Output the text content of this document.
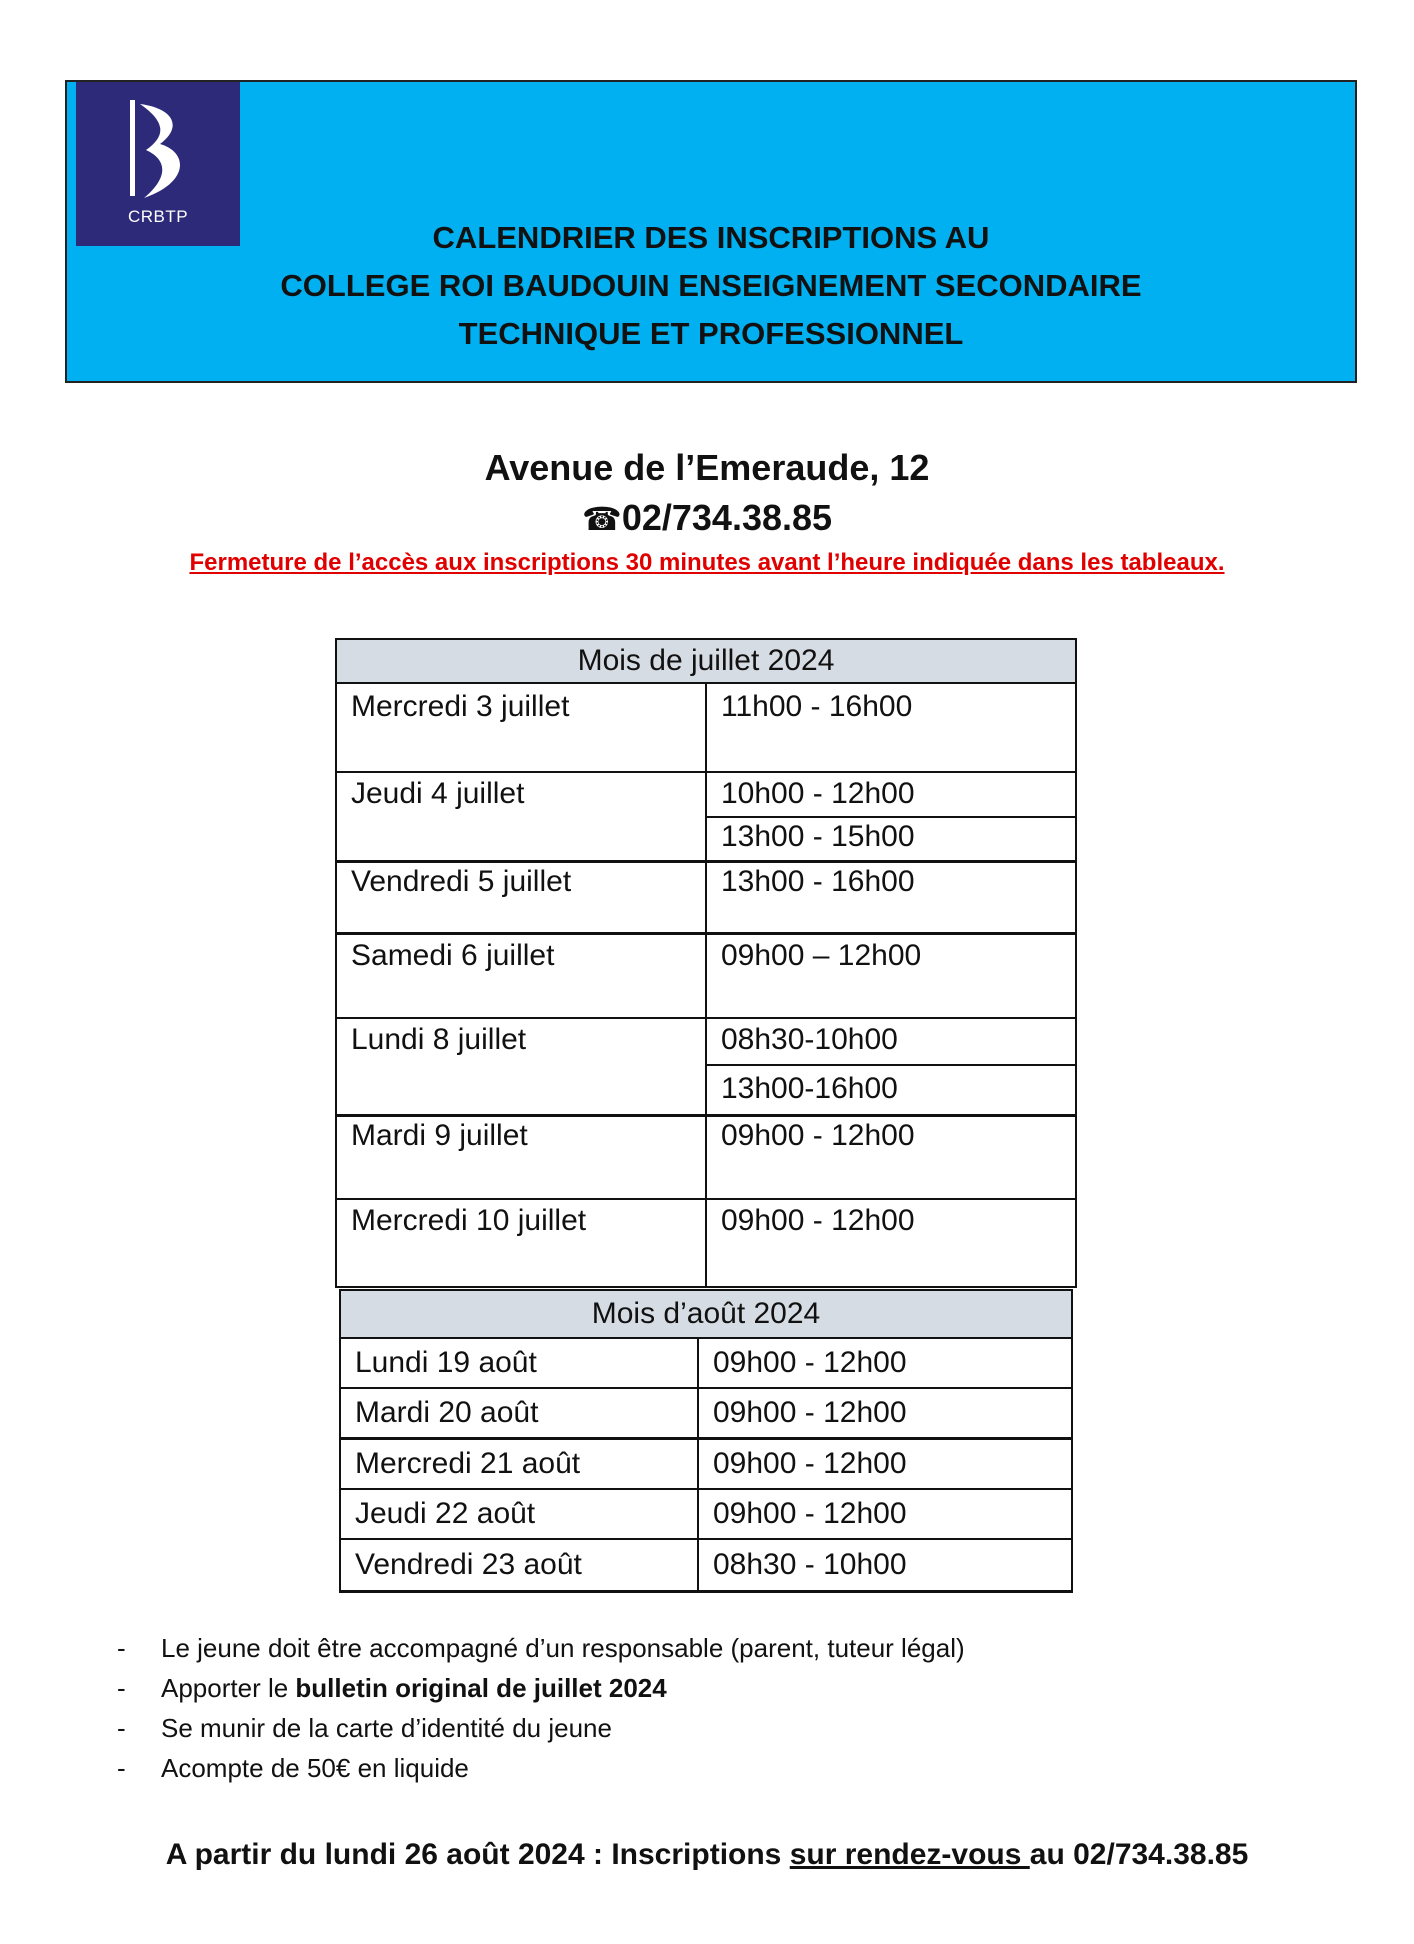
CRBTP
CALENDRIER DES INSCRIPTIONS AU
COLLEGE ROI BAUDOUIN ENSEIGNEMENT SECONDAIRE
TECHNIQUE ET PROFESSIONNEL
Avenue de l’Emeraude, 12
☎02/734.38.85
Fermeture de l’accès aux inscriptions 30 minutes avant l’heure indiquée dans les tableaux.
Mois de juillet 2024	
Mercredi 3 juillet	11h00 - 16h00
Jeudi 4 juillet	10h00 - 12h00
	13h00 - 15h00
Vendredi 5 juillet	13h00 - 16h00
Samedi 6 juillet	09h00 – 12h00
Lundi 8 juillet	08h30-10h00
	13h00-16h00
Mardi 9 juillet	09h00 - 12h00
Mercredi 10 juillet	09h00 - 12h00
Mois d’août 2024	
Lundi 19 août	09h00 - 12h00
Mardi 20 août	09h00 - 12h00
Mercredi 21 août	09h00 - 12h00
Jeudi 22 août	09h00 - 12h00
Vendredi 23 août	08h30 - 10h00
- Le jeune doit être accompagné d’un responsable (parent, tuteur légal)
- Apporter le bulletin original de juillet 2024
- Se munir de la carte d’identité du jeune
- Acompte de 50€ en liquide
A partir du lundi 26 août 2024 : Inscriptions sur rendez-vous au 02/734.38.85
